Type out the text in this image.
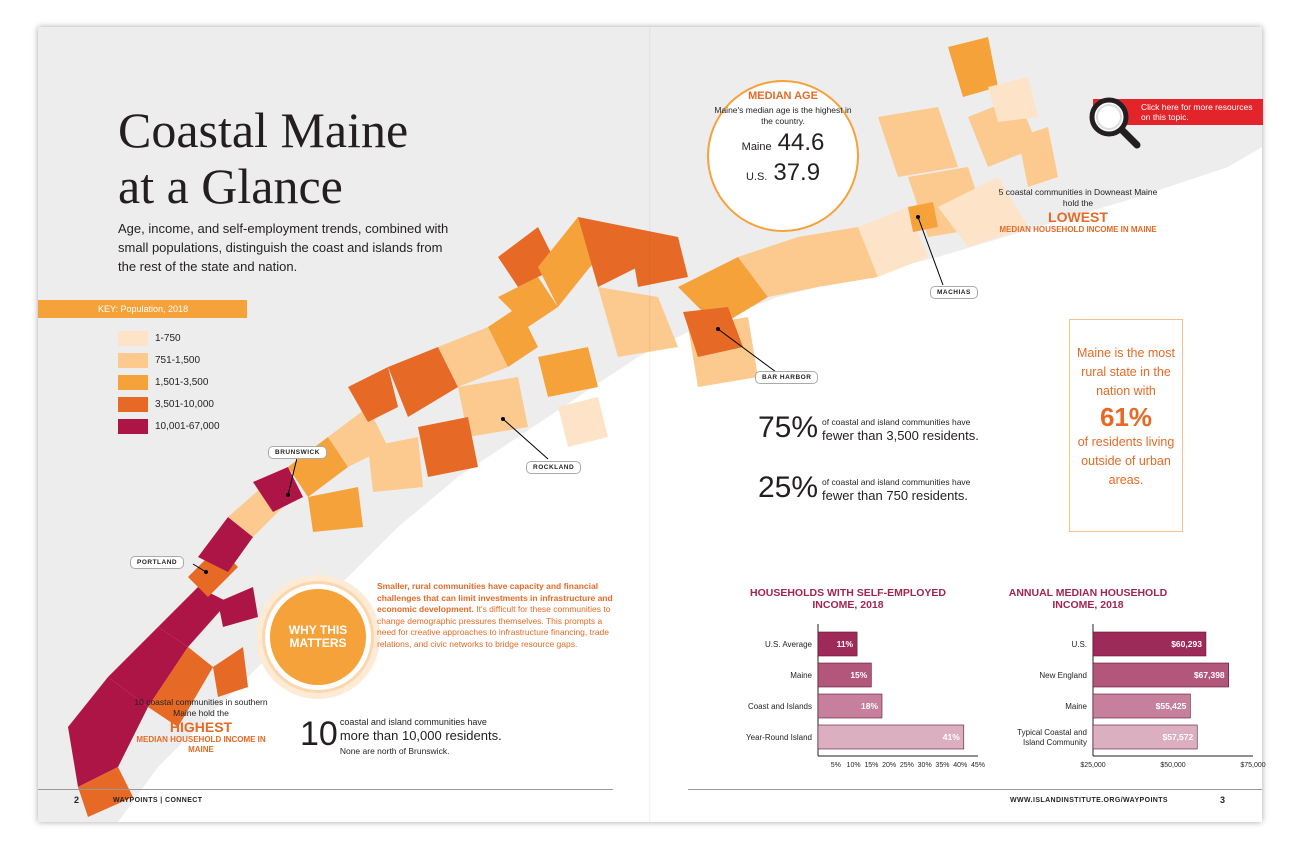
Coastal Maine
at a Glance
Age, income, and self-employment trends, combined with small populations, distinguish the coast and islands from the rest of the state and nation.
KEY: Population, 2018
1-750
751-1,500
1,501-3,500
3,501-10,000
10,001-67,000
BRUNSWICK
PORTLAND
ROCKLAND
BAR HARBOR
MACHIAS
MEDIAN AGE
Maine's median age is the highest in the country.
Maine 44.6
U.S. 37.9
Click here for more resources on this topic.
5 coastal communities in Downeast Maine hold the
LOWEST
MEDIAN HOUSEHOLD INCOME IN MAINE
Maine is the most rural state in the nation with
61%
of residents living outside of urban areas.
75% of coastal and island communities have
fewer than 3,500 residents.
25% of coastal and island communities have
fewer than 750 residents.
WHY THIS MATTERS
Smaller, rural communities have capacity and financial challenges that can limit investments in infrastructure and economic development. It's difficult for these communities to change demographic pressures themselves. This prompts a need for creative approaches to infrastructure financing, trade relations, and civic networks to bridge resource gaps.
10 coastal communities in southern Maine hold the
HIGHEST
MEDIAN HOUSEHOLD INCOME IN MAINE	10 coastal and island communities have
more than 10,000 residents.
None are north of Brunswick.
HOUSEHOLDS WITH SELF-EMPLOYED INCOME, 2018
11%
U.S. Average
15%
Maine
18%
Coast and Islands
41%
Year-Round Island
5% 10% 15% 20% 25% 30% 35% 40% 45%
ANNUAL MEDIAN HOUSEHOLD INCOME, 2018
$60,293
U.S.
$67,398
New England
$55,425
Maine
$57,572
Typical Coastal and
Island Community
$25,000	$50,000	$75,000
2	WAYPOINTS | CONNECT	WWW.ISLANDINSTITUTE.ORG/WAYPOINTS	3
